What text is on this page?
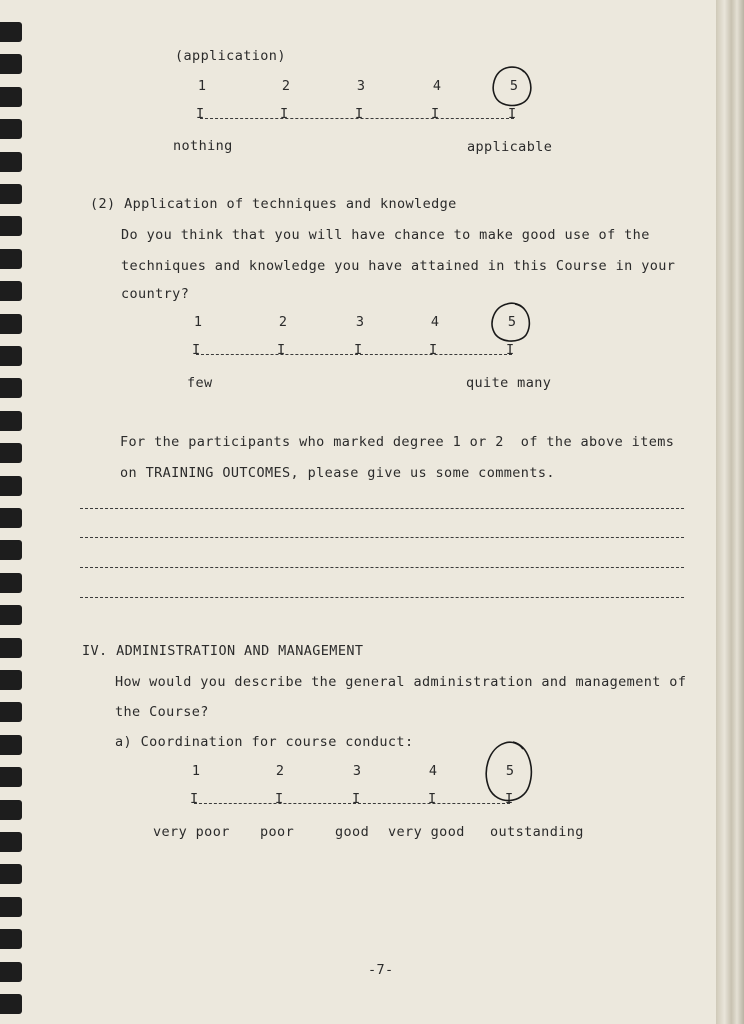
(application)
1	2	3	4	5
I	I	I	I	I
nothing	applicable
(2) Application of techniques and knowledge
Do you think that you will have chance to make good use of the
techniques and knowledge you have attained in this Course in your
country?
1	2	3	4	5
I	I	I	I	I
few	quite many
For the participants who marked degree 1 or 2  of the above items
on TRAINING OUTCOMES, please give us some comments.
IV. ADMINISTRATION AND MANAGEMENT
How would you describe the general administration and management of
the Course?
a) Coordination for course conduct:
1	2	3	4	5
I	I	I	I	I
very poor poor	good very good outstanding
-7-
